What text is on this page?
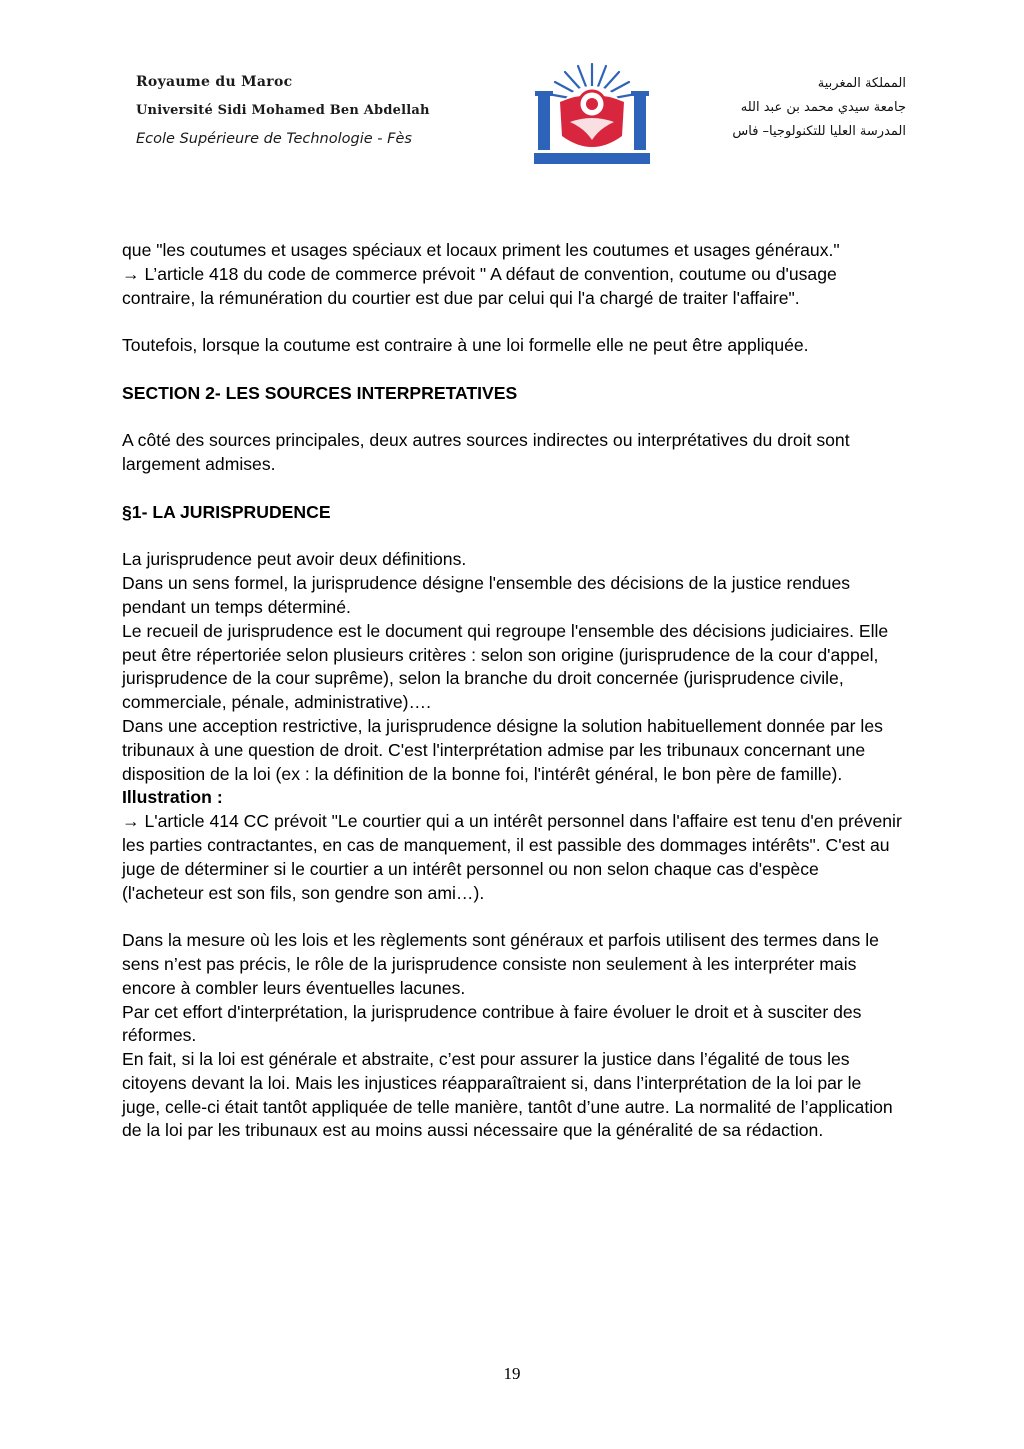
Royaume du Maroc
Université Sidi Mohamed Ben Abdellah
Ecole Supérieure de Technologie - Fès
المملكة المغربية
جامعة سيدي محمد بن عبد الله
المدرسة العليا للتكنولوجيا– فاس

que "les coutumes et usages spéciaux et locaux priment les coutumes et usages généraux."

→ L’article 418 du code de commerce prévoit " A défaut de convention, coutume ou d'usage contraire, la rémunération du courtier est due par celui qui l'a chargé de traiter l'affaire".

Toutefois, lorsque la coutume est contraire à une loi formelle elle ne peut être appliquée.

SECTION 2- LES SOURCES INTERPRETATIVES

A côté des sources principales, deux autres sources indirectes ou interprétatives du droit sont largement admises.

§1- LA JURISPRUDENCE

La jurisprudence peut avoir deux définitions.

Dans un sens formel, la jurisprudence désigne l'ensemble des décisions de la justice rendues pendant un temps déterminé.

Le recueil de jurisprudence est le document qui regroupe l'ensemble des décisions judiciaires. Elle peut être répertoriée selon plusieurs critères : selon son origine (jurisprudence de la cour d'appel, jurisprudence de la cour suprême), selon la branche du droit concernée (jurisprudence civile, commerciale, pénale, administrative)….

Dans une acception restrictive, la jurisprudence désigne la solution habituellement donnée par les tribunaux à une question de droit. C'est l'interprétation admise par les tribunaux concernant une disposition de la loi (ex : la définition de la bonne foi, l'intérêt général, le bon père de famille).

Illustration :

→ L'article 414 CC prévoit "Le courtier qui a un intérêt personnel dans l'affaire est tenu d'en prévenir les parties contractantes, en cas de manquement, il est passible des dommages intérêts". C'est au juge de déterminer si le courtier a un intérêt personnel ou non selon chaque cas d'espèce (l'acheteur est son fils, son gendre son ami…).

Dans la mesure où les lois et les règlements sont généraux et parfois utilisent des termes dans le sens n’est pas précis, le rôle de la jurisprudence consiste non seulement à les interpréter mais encore à combler leurs éventuelles lacunes.

Par cet effort d'interprétation, la jurisprudence contribue à faire évoluer le droit et à susciter des réformes.

En fait, si la loi est générale et abstraite, c’est pour assurer la justice dans l’égalité de tous les citoyens devant la loi. Mais les injustices réapparaîtraient si, dans l’interprétation de la loi par le juge, celle-ci était tantôt appliquée de telle manière, tantôt d’une autre. La normalité de l’application de la loi par les tribunaux est au moins aussi nécessaire que la généralité de sa rédaction.

19
